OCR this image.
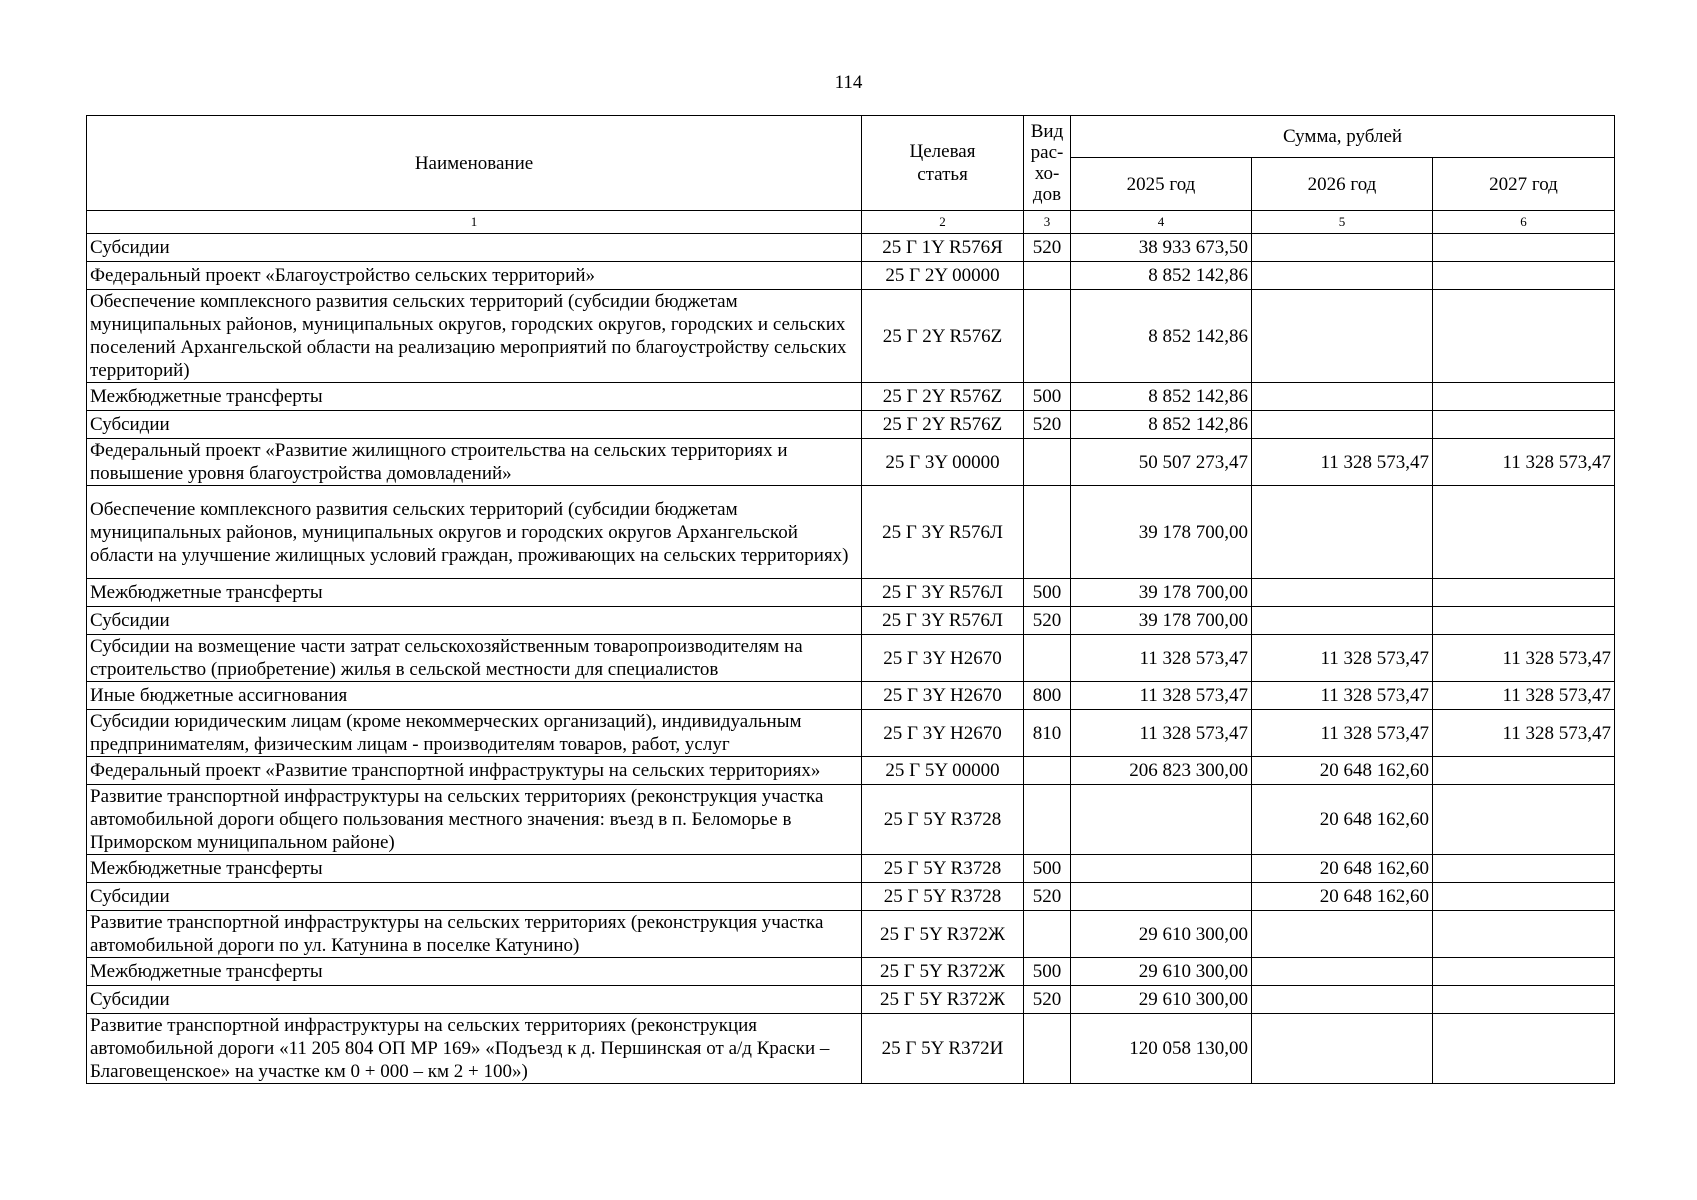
114
Наименование	Целевая статья	Вид рас-хо-дов	Сумма, рублей		
			2025 год	2026 год	2027 год
1	2	3	4	5	6
Субсидии	25 Г 1Y R576Я	520	38 933 673,50		
Федеральный проект «Благоустройство сельских территорий»	25 Г 2Y 00000		8 852 142,86		
Обеспечение комплексного развития сельских территорий (субсидии бюджетам муниципальных районов, муниципальных округов, городских округов, городских и сельских поселений Архангельской области на реализацию мероприятий по благоустройству сельских территорий)	25 Г 2Y R576Z		8 852 142,86		
Межбюджетные трансферты	25 Г 2Y R576Z	500	8 852 142,86		
Субсидии	25 Г 2Y R576Z	520	8 852 142,86		
Федеральный проект «Развитие жилищного строительства на сельских территориях и повышение уровня благоустройства домовладений»	25 Г 3Y 00000		50 507 273,47	11 328 573,47	11 328 573,47
Обеспечение комплексного развития сельских территорий (субсидии бюджетам муниципальных районов, муниципальных округов и городских округов Архангельской области на улучшение жилищных условий граждан, проживающих на сельских территориях)	25 Г 3Y R576Л		39 178 700,00		
Межбюджетные трансферты	25 Г 3Y R576Л	500	39 178 700,00		
Субсидии	25 Г 3Y R576Л	520	39 178 700,00		
Субсидии на возмещение части затрат сельскохозяйственным товаропроизводителям на строительство (приобретение) жилья в сельской местности для специалистов	25 Г 3Y Н2670		11 328 573,47	11 328 573,47	11 328 573,47
Иные бюджетные ассигнования	25 Г 3Y Н2670	800	11 328 573,47	11 328 573,47	11 328 573,47
Субсидии юридическим лицам (кроме некоммерческих организаций), индивидуальным предпринимателям, физическим лицам - производителям товаров, работ, услуг	25 Г 3Y Н2670	810	11 328 573,47	11 328 573,47	11 328 573,47
Федеральный проект «Развитие транспортной инфраструктуры на сельских территориях»	25 Г 5Y 00000		206 823 300,00	20 648 162,60	
Развитие транспортной инфраструктуры на сельских территориях (реконструкция участка автомобильной дороги общего пользования местного значения: въезд в п. Беломорье в Приморском муниципальном районе)	25 Г 5Y R3728			20 648 162,60	
Межбюджетные трансферты	25 Г 5Y R3728	500		20 648 162,60	
Субсидии	25 Г 5Y R3728	520		20 648 162,60	
Развитие транспортной инфраструктуры на сельских территориях (реконструкция участка автомобильной дороги по ул. Катунина в поселке Катунино)	25 Г 5Y R372Ж		29 610 300,00		
Межбюджетные трансферты	25 Г 5Y R372Ж	500	29 610 300,00		
Субсидии	25 Г 5Y R372Ж	520	29 610 300,00		
Развитие транспортной инфраструктуры на сельских территориях (реконструкция автомобильной дороги «11 205 804 ОП МР 169» «Подъезд к д. Першинская от а/д Краски – Благовещенское» на участке км 0 + 000 – км 2 + 100»)	25 Г 5Y R372И		120 058 130,00		
